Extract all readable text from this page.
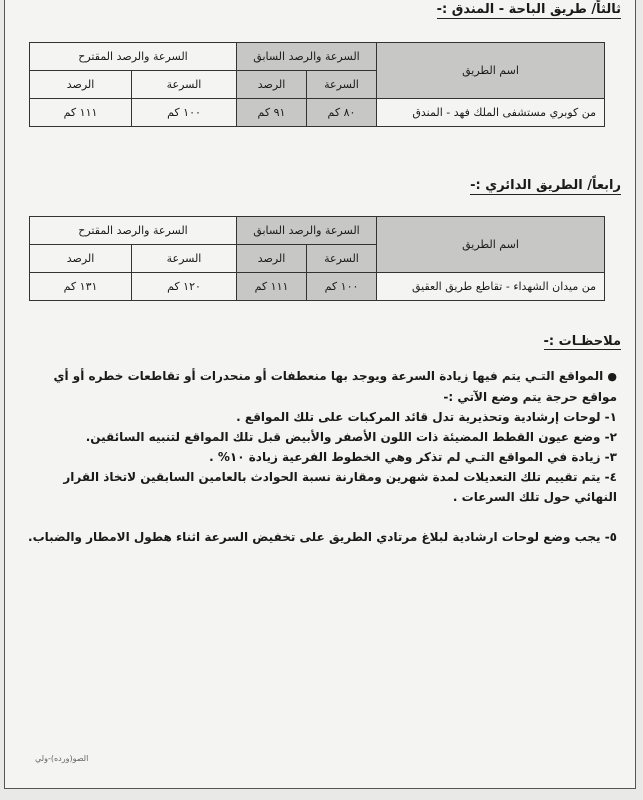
ثالثاً/ طريق الباحة - المندق :-
اسم الطريق	السرعة والرصد السابق		السرعة والرصد المقترح	
	السرعة	الرصد	السرعة	الرصد
من كوبري مستشفى الملك فهد - المندق	٨٠ كم	٩١ كم	١٠٠ كم	١١١ كم
رابعاً/ الطريق الدائري :-
اسم الطريق	السرعة والرصد السابق		السرعة والرصد المقترح	
	السرعة	الرصد	السرعة	الرصد
من ميدان الشهداء - تقاطع طريق العقيق	١٠٠ كم	١١١ كم	١٢٠ كم	١٣١ كم
ملاحظـات :-

● المواقع التـي يتم فيها زيادة السرعة ويوجد بها منعطفات أو منحدرات أو تقاطعات خطره أو أي مواقع حرجة يتم وضع الآتي :-

١- لوحات إرشادية وتحذيرية تدل قائد المركبات على تلك المواقع .

٢- وضع عيون القطط المضيئة ذات اللون الأصفر والأبيض قبل تلك المواقع لتنبيه السائقين.

٣- زيادة في المواقع التـي لم تذكر وهي الخطوط الفرعية زيادة ١٠% .

٤- يتم تقييم تلك التعديلات لمدة شهرين ومقارنة نسبة الحوادث بالعامين السابقين لاتخاذ القرار النهائي حول تلك السرعات .

٥- يجب وضع لوحات ارشادية لبلاغ مرتادي الطريق على تخفيض السرعة اثناء هطول الامطار والضباب.

الصو(ورده)-ولي
